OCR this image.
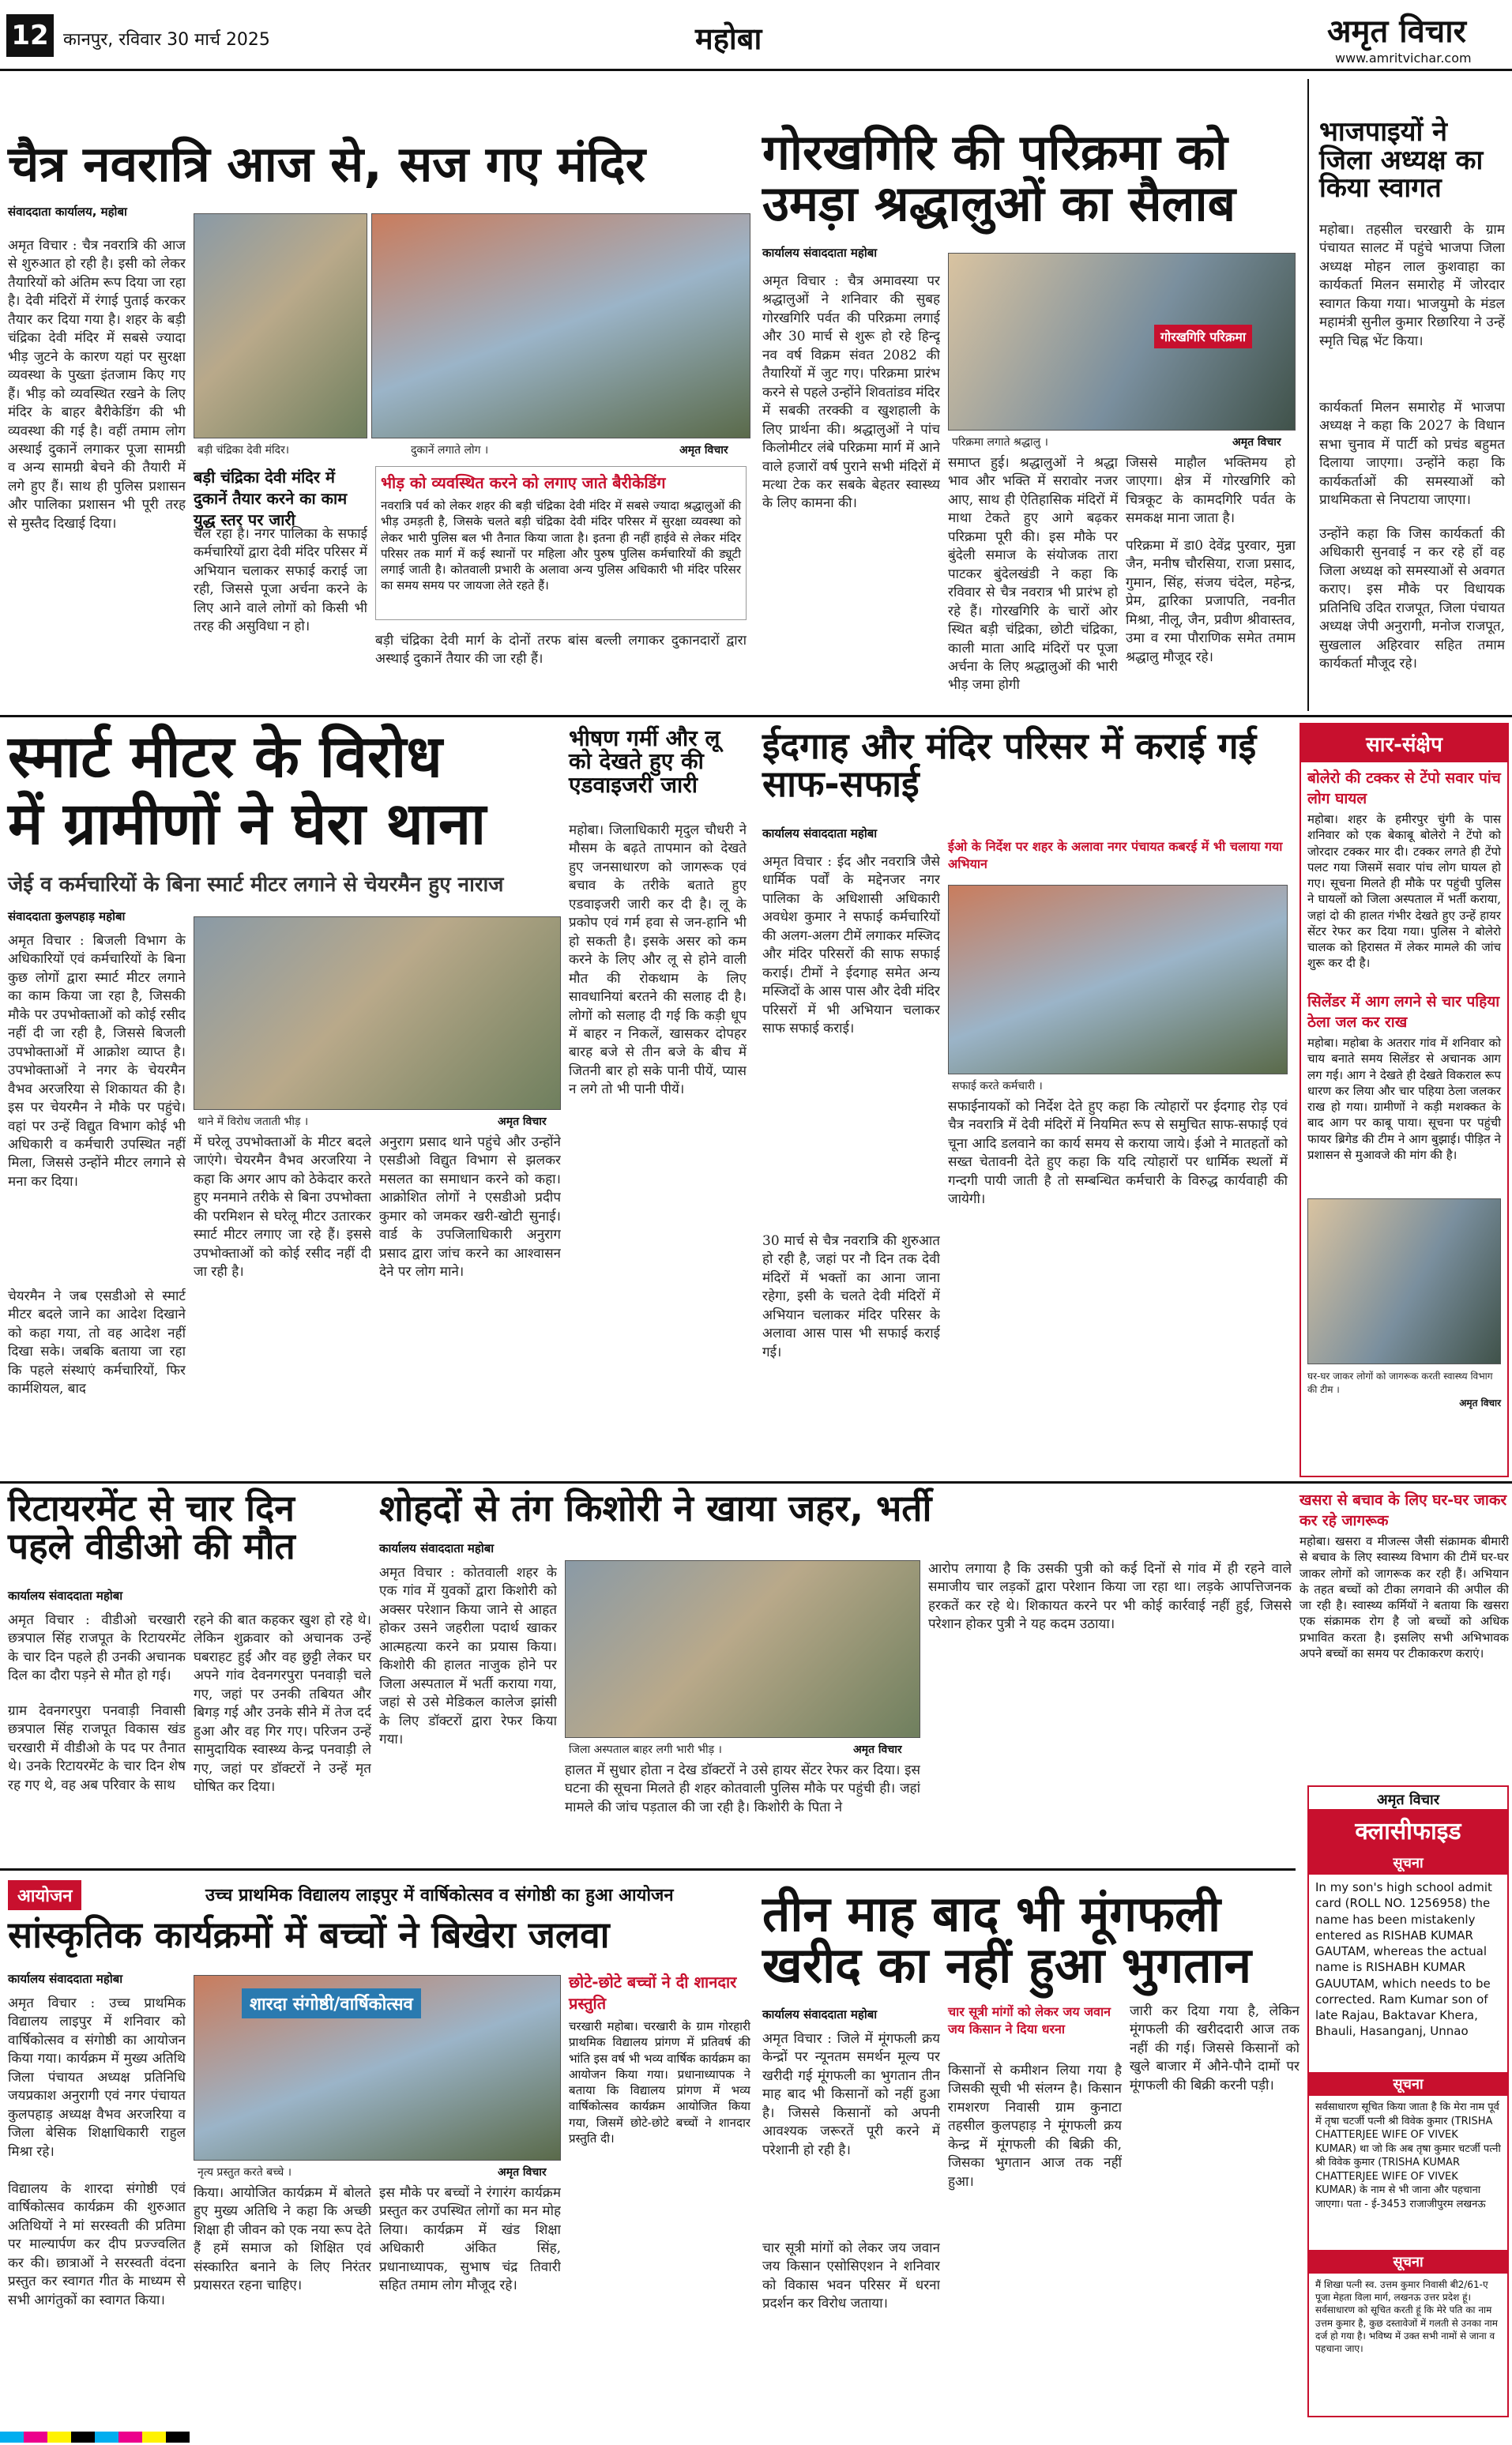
12 कानपुर, रविवार 30 मार्च 2025	महोबा	अमृत विचार
www.amritvichar.com
चैत्र नवरात्रि आज से, सज गए मंदिर
संवाददाता कार्यालय, महोबा
अमृत विचार : चैत्र नवरात्रि की आज से शुरुआत हो रही है। इसी को लेकर तैयारियों को अंतिम रूप दिया जा रहा है। देवी मंदिरों में रंगाई पुताई करकर तैयार कर दिया गया है। शहर के बड़ी चंद्रिका देवी मंदिर में सबसे ज्यादा भीड़ जुटने के कारण यहां पर सुरक्षा व्यवस्था के पुख्ता इंतजाम किए गए हैं। भीड़ को व्यवस्थित रखने के लिए मंदिर के बाहर बैरीकेडिंग की भी व्यवस्था की गई है। वहीं तमाम लोग अस्थाई दुकानें लगाकर पूजा सामग्री व अन्य सामग्री बेचने की तैयारी में लगे हुए हैं। साथ ही पुलिस प्रशासन और पालिका प्रशासन भी पूरी तरह से मुस्तैद दिखाई दिया।
बड़ी चंद्रिका देवी मंदिर।	दुकानें लगाते लोग ।	अमृत विचार
बड़ी चंद्रिका देवी मंदिर में दुकानें तैयार करने का काम युद्ध स्तर पर जारी
चल रहा है। नगर पालिका के सफाई कर्मचारियों द्वारा देवी मंदिर परिसर में अभियान चलाकर सफाई कराई जा रही, जिससे पूजा अर्चना करने के लिए आने वाले लोगों को किसी भी तरह की असुविधा न हो।
भीड़ को व्यवस्थित करने को लगाए जाते बैरीकेडिंग
नवरात्रि पर्व को लेकर शहर की बड़ी चंद्रिका देवी मंदिर में सबसे ज्यादा श्रद्धालुओं की भीड़ उमड़ती है, जिसके चलते बड़ी चंद्रिका देवी मंदिर परिसर में सुरक्षा व्यवस्था को लेकर भारी पुलिस बल भी तैनात किया जाता है। इतना ही नहीं हाईवे से लेकर मंदिर परिसर तक मार्ग में कई स्थानों पर महिला और पुरुष पुलिस कर्मचारियों की ड्यूटी लगाई जाती है। कोतवाली प्रभारी के अलावा अन्य पुलिस अधिकारी भी मंदिर परिसर का समय समय पर जायजा लेते रहते हैं।
बड़ी चंद्रिका देवी मार्ग के दोनों तरफ बांस बल्ली लगाकर दुकानदारों द्वारा अस्थाई दुकानें तैयार की जा रही हैं।
गोरखगिरि की परिक्रमा को उमड़ा श्रद्धालुओं का सैलाब
कार्यालय संवाददाता महोबा
अमृत विचार : चैत्र अमावस्या पर श्रद्धालुओं ने शनिवार की सुबह गोरखगिरि पर्वत की परिक्रमा लगाई और 30 मार्च से शुरू हो रहे हिन्दू नव वर्ष विक्रम संवत 2082 की तैयारियों में जुट गए। परिक्रमा प्रारंभ करने से पहले उन्होंने शिवतांडव मंदिर में सबकी तरक्की व खुशहाली के लिए प्रार्थना की। श्रद्धालुओं ने पांच किलोमीटर लंबे परिक्रमा मार्ग में आने वाले हजारों वर्ष पुराने सभी मंदिरों में मत्था टेक कर सबके बेहतर स्वास्थ्य के लिए कामना की।
गोरखगिरि परिक्रमा
परिक्रमा लगाते श्रद्धालु ।	अमृत विचार
समाप्त हुई। श्रद्धालुओं ने श्रद्धा भाव और भक्ति में सरावोर नजर आए, साथ ही ऐतिहासिक मंदिरों में माथा टेकते हुए आगे बढ़कर परिक्रमा पूरी की। इस मौके पर बुंदेली समाज के संयोजक तारा पाटकर बुंदेलखंडी ने कहा कि रविवार से चैत्र नवरात्र भी प्रारंभ हो रहे हैं। गोरखगिरि के चारों ओर स्थित बड़ी चंद्रिका, छोटी चंद्रिका, काली माता आदि मंदिरों पर पूजा अर्चना के लिए श्रद्धालुओं की भारी भीड़ जमा होगी
जिससे माहौल भक्तिमय हो जाएगा। क्षेत्र में गोरखगिरि को चित्रकूट के कामदगिरि पर्वत के समकक्ष माना जाता है।
परिक्रमा में डा0 देवेंद्र पुरवार, मुन्ना जैन, मनीष चौरसिया, राजा प्रसाद, गुमान, सिंह, संजय चंदेल, महेन्द्र, प्रेम, द्वारिका प्रजापति, नवनीत मिश्रा, नीलू, जैन, प्रवीण श्रीवास्तव, उमा व रमा पौराणिक समेत तमाम श्रद्धालु मौजूद रहे।
भाजपाइयों ने जिला अध्यक्ष का किया स्वागत
महोबा। तहसील चरखारी के ग्राम पंचायत सालट में पहुंचे भाजपा जिला अध्यक्ष मोहन लाल कुशवाहा का कार्यकर्ता मिलन समारोह में जोरदार स्वागत किया गया। भाजयुमो के मंडल महामंत्री सुनील कुमार रिछारिया ने उन्हें स्मृति चिह्न भेंट किया।
कार्यकर्ता मिलन समारोह में भाजपा अध्यक्ष ने कहा कि 2027 के विधान सभा चुनाव में पार्टी को प्रचंड बहुमत दिलाया जाएगा। उन्होंने कहा कि कार्यकर्ताओं की समस्याओं को प्राथमिकता से निपटाया जाएगा।
उन्होंने कहा कि जिस कार्यकर्ता की अधिकारी सुनवाई न कर रहे हों वह जिला अध्यक्ष को समस्याओं से अवगत कराए। इस मौके पर विधायक प्रतिनिधि उदित राजपूत, जिला पंचायत अध्यक्ष जेपी अनुरागी, मनोज राजपूत, सुखलाल अहिरवार सहित तमाम कार्यकर्ता मौजूद रहे।
स्मार्ट मीटर के विरोध
में ग्रामीणों ने घेरा थाना
जेई व कर्मचारियों के बिना स्मार्ट मीटर लगाने से चेयरमैन हुए नाराज
संवाददाता कुलपहाड़ महोबा
अमृत विचार : बिजली विभाग के अधिकारियों एवं कर्मचारियों के बिना कुछ लोगों द्वारा स्मार्ट मीटर लगाने का काम किया जा रहा है, जिसकी मौके पर उपभोक्ताओं को कोई रसीद नहीं दी जा रही है, जिससे बिजली उपभोक्ताओं में आक्रोश व्याप्त है। उपभोक्ताओं ने नगर के चेयरमैन वैभव अरजरिया से शिकायत की है। इस पर चेयरमैन ने मौके पर पहुंचे। वहां पर उन्हें विद्युत विभाग कोई भी अधिकारी व कर्मचारी उपस्थित नहीं मिला, जिससे उन्होंने मीटर लगाने से मना कर दिया।
चेयरमैन ने जब एसडीओ से स्मार्ट मीटर बदले जाने का आदेश दिखाने को कहा गया, तो वह आदेश नहीं दिखा सके। जबकि बताया जा रहा कि पहले संस्थाएं कर्मचारियों, फिर कार्मशियल, बाद
थाने में विरोध जताती भीड़ ।	अमृत विचार
में घरेलू उपभोक्ताओं के मीटर बदले जाएंगे। चेयरमैन वैभव अरजरिया ने कहा कि अगर आप को ठेकेदार करते हुए मनमाने तरीके से बिना उपभोक्ता की परमिशन से घरेलू मीटर उतारकर स्मार्ट मीटर लगाए जा रहे हैं। इससे उपभोक्ताओं को कोई रसीद नहीं दी जा रही है।
अनुराग प्रसाद थाने पहुंचे और उन्होंने एसडीओ विद्युत विभाग से झलकर मसलत का समाधान करने को कहा। आक्रोशित लोगों ने एसडीओ प्रदीप कुमार को जमकर खरी-खोटी सुनाई। वार्ड के उपजिलाधिकारी अनुराग प्रसाद द्वारा जांच करने का आश्वासन देने पर लोग माने।
भीषण गर्मी और लू को देखते हुए की एडवाइजरी जारी
महोबा। जिलाधिकारी मृदुल चौधरी ने मौसम के बढ़ते तापमान को देखते हुए जनसाधारण को जागरूक एवं बचाव के तरीके बताते हुए एडवाइजरी जारी कर दी है। लू के प्रकोप एवं गर्म हवा से जन-हानि भी हो सकती है। इसके असर को कम करने के लिए और लू से होने वाली मौत की रोकथाम के लिए सावधानियां बरतने की सलाह दी है। लोगों को सलाह दी गई कि कड़ी धूप में बाहर न निकलें, खासकर दोपहर बारह बजे से तीन बजे के बीच में जितनी बार हो सके पानी पीयें, प्यास न लगे तो भी पानी पीयें।
ईदगाह और मंदिर परिसर में कराई गई साफ-सफाई
कार्यालय संवाददाता महोबा
अमृत विचार : ईद और नवरात्रि जैसे धार्मिक पर्वों के मद्देनजर नगर पालिका के अधिशासी अधिकारी अवधेश कुमार ने सफाई कर्मचारियों की अलग-अलग टीमें लगाकर मस्जिद और मंदिर परिसरों की साफ सफाई कराई। टीमों ने ईदगाह समेत अन्य मस्जिदों के आस पास और देवी मंदिर परिसरों में भी अभियान चलाकर साफ सफाई कराई।
30 मार्च से चैत्र नवरात्रि की शुरुआत हो रही है, जहां पर नौ दिन तक देवी मंदिरों में भक्तों का आना जाना रहेगा, इसी के चलते देवी मंदिरों में अभियान चलाकर मंदिर परिसर के अलावा आस पास भी सफाई कराई गई।
ईओ के निर्देश पर शहर के अलावा नगर पंचायत कबरई में भी चलाया गया अभियान
सफाई करते कर्मचारी ।
सफाईनायकों को निर्देश देते हुए कहा कि त्योहारों पर ईदगाह रोड़ एवं चैत्र नवरात्रि में देवी मंदिरों में नियमित रूप से समुचित साफ-सफाई एवं चूना आदि डलवाने का कार्य समय से कराया जाये। ईओ ने मातहतों को सख्त चेतावनी देते हुए कहा कि यदि त्योहारों पर धार्मिक स्थलों में गन्दगी पायी जाती है तो सम्बन्धित कर्मचारी के विरुद्ध कार्यवाही की जायेगी।
सार-संक्षेप
बोलेरो की टक्कर से टेंपो सवार पांच लोग घायल
महोबा। शहर के हमीरपुर चुंगी के पास शनिवार को एक बेकाबू बोलेरो ने टेंपो को जोरदार टक्कर मार दी। टक्कर लगते ही टेंपो पलट गया जिसमें सवार पांच लोग घायल हो गए। सूचना मिलते ही मौके पर पहुंची पुलिस ने घायलों को जिला अस्पताल में भर्ती कराया, जहां दो की हालत गंभीर देखते हुए उन्हें हायर सेंटर रेफर कर दिया गया। पुलिस ने बोलेरो चालक को हिरासत में लेकर मामले की जांच शुरू कर दी है।
सिलेंडर में आग लगने से चार पहिया ठेला जल कर राख
महोबा। महोबा के अतरार गांव में शनिवार को चाय बनाते समय सिलेंडर से अचानक आग लग गई। आग ने देखते ही देखते विकराल रूप धारण कर लिया और चार पहिया ठेला जलकर राख हो गया। ग्रामीणों ने कड़ी मशक्कत के बाद आग पर काबू पाया। सूचना पर पहुंची फायर ब्रिगेड की टीम ने आग बुझाई। पीड़ित ने प्रशासन से मुआवजे की मांग की है।
घर-घर जाकर लोगों को जागरूक करती स्वास्थ्य विभाग की टीम ।
अमृत विचार
रिटायरमेंट से चार दिन पहले वीडीओ की मौत
कार्यालय संवाददाता महोबा
अमृत विचार : वीडीओ चरखारी छत्रपाल सिंह राजपूत के रिटायरमेंट के चार दिन पहले ही उनकी अचानक दिल का दौरा पड़ने से मौत हो गई।
ग्राम देवनगरपुरा पनवाड़ी निवासी छत्रपाल सिंह राजपूत विकास खंड चरखारी में वीडीओ के पद पर तैनात थे। उनके रिटायरमेंट के चार दिन शेष रह गए थे, वह अब परिवार के साथ
रहने की बात कहकर खुश हो रहे थे। लेकिन शुक्रवार को अचानक उन्हें घबराहट हुई और वह छुट्टी लेकर घर अपने गांव देवनगरपुरा पनवाड़ी चले गए, जहां पर उनकी तबियत और बिगड़ गई और उनके सीने में तेज दर्द हुआ और वह गिर गए। परिजन उन्हें सामुदायिक स्वास्थ्य केन्द्र पनवाड़ी ले गए, जहां पर डॉक्टरों ने उन्हें मृत घोषित कर दिया।
शोहदों से तंग किशोरी ने खाया जहर, भर्ती
कार्यालय संवाददाता महोबा
अमृत विचार : कोतवाली शहर के एक गांव में युवकों द्वारा किशोरी को अक्सर परेशान किया जाने से आहत होकर उसने जहरीला पदार्थ खाकर आत्महत्या करने का प्रयास किया। किशोरी की हालत नाजुक होने पर जिला अस्पताल में भर्ती कराया गया, जहां से उसे मेडिकल कालेज झांसी के लिए डॉक्टरों द्वारा रेफर किया गया।
जिला अस्पताल बाहर लगी भारी भीड़ ।	अमृत विचार
हालत में सुधार होता न देख डॉक्टरों ने उसे हायर सेंटर रेफर कर दिया। इस घटना की सूचना मिलते ही शहर कोतवाली पुलिस मौके पर पहुंची ही। जहां मामले की जांच पड़ताल की जा रही है। किशोरी के पिता ने
आरोप लगाया है कि उसकी पुत्री को कई दिनों से गांव में ही रहने वाले समाजीय चार लड़कों द्वारा परेशान किया जा रहा था। लड़के आपत्तिजनक हरकतें कर रहे थे। शिकायत करने पर भी कोई कार्रवाई नहीं हुई, जिससे परेशान होकर पुत्री ने यह कदम उठाया।
खसरा से बचाव के लिए घर-घर जाकर कर रहे जागरूक
महोबा। खसरा व मीजल्स जैसी संक्रामक बीमारी से बचाव के लिए स्वास्थ्य विभाग की टीमें घर-घर जाकर लोगों को जागरूक कर रही हैं। अभियान के तहत बच्चों को टीका लगवाने की अपील की जा रही है। स्वास्थ्य कर्मियों ने बताया कि खसरा एक संक्रामक रोग है जो बच्चों को अधिक प्रभावित करता है। इसलिए सभी अभिभावक अपने बच्चों का समय पर टीकाकरण कराएं।
अमृत विचार
क्लासीफाइड
सूचना
In my son's high school admit card (ROLL NO. 1256958) the name has been mistakenly entered as RISHAB KUMAR GAUTAM, whereas the actual name is RISHABH KUMAR GAUUTAM, which needs to be corrected. Ram Kumar son of late Rajau, Baktavar Khera, Bhauli, Hasanganj, Unnao
सूचना
सर्वसाधारण सूचित किया जाता है कि मेरा नाम पूर्व में तृषा चटर्जी पत्नी श्री विवेक कुमार (TRISHA CHATTERJEE WIFE OF VIVEK KUMAR) था जो कि अब तृषा कुमार चटर्जी पत्नी श्री विवेक कुमार (TRISHA KUMAR CHATTERJEE WIFE OF VIVEK KUMAR) के नाम से भी जाना और पहचाना जाएगा। पता - ई-3453 राजाजीपुरम लखनऊ
सूचना
मैं शिखा पत्नी स्व. उत्तम कुमार निवासी बी2/61-ए पूजा मेहता विला मार्ग, लखनऊ उत्तर प्रदेश हूं। सर्वसाधारण को सूचित करती हूं कि मेरे पति का नाम उत्तम कुमार है, कुछ दस्तावेजों में गलती से उनका नाम दर्ज हो गया है। भविष्य में उक्त सभी नामों से जाना व पहचाना जाए।
आयोजन	उच्च प्राथमिक विद्यालय लाइपुर में वार्षिकोत्सव व संगोष्ठी का हुआ आयोजन
सांस्कृतिक कार्यक्रमों में बच्चों ने बिखेरा जलवा
कार्यालय संवाददाता महोबा
अमृत विचार : उच्च प्राथमिक विद्यालय लाइपुर में शनिवार को वार्षिकोत्सव व संगोष्ठी का आयोजन किया गया। कार्यक्रम में मुख्य अतिथि जिला पंचायत अध्यक्ष प्रतिनिधि जयप्रकाश अनुरागी एवं नगर पंचायत कुलपहाड़ अध्यक्ष वैभव अरजरिया व जिला बेसिक शिक्षाधिकारी राहुल मिश्रा रहे।
विद्यालय के शारदा संगोष्ठी एवं वार्षिकोत्सव कार्यक्रम की शुरुआत अतिथियों ने मां सरस्वती की प्रतिमा पर माल्यार्पण कर दीप प्रज्ज्वलित कर की। छात्राओं ने सरस्वती वंदना प्रस्तुत कर स्वागत गीत के माध्यम से सभी आगंतुकों का स्वागत किया।
शारदा संगोष्ठी/वार्षिकोत्सव
नृत्य प्रस्तुत करते बच्चे ।	अमृत विचार
किया। आयोजित कार्यक्रम में बोलते हुए मुख्य अतिथि ने कहा कि अच्छी शिक्षा ही जीवन को एक नया रूप देते हैं हमें समाज को शिक्षित एवं संस्कारित बनाने के लिए निरंतर प्रयासरत रहना चाहिए।
इस मौके पर बच्चों ने रंगारंग कार्यक्रम प्रस्तुत कर उपस्थित लोगों का मन मोह लिया। कार्यक्रम में खंड शिक्षा अधिकारी अंकित सिंह, प्रधानाध्यापक, सुभाष चंद्र तिवारी सहित तमाम लोग मौजूद रहे।
छोटे-छोटे बच्चों ने दी शानदार प्रस्तुति
चरखारी महोबा। चरखारी के ग्राम गोरहारी प्राथमिक विद्यालय प्रांगण में प्रतिवर्ष की भांति इस वर्ष भी भव्य वार्षिक कार्यक्रम का आयोजन किया गया। प्रधानाध्यापक ने बताया कि विद्यालय प्रांगण में भव्य वार्षिकोत्सव कार्यक्रम आयोजित किया गया, जिसमें छोटे-छोटे बच्चों ने शानदार प्रस्तुति दी।
तीन माह बाद भी मूंगफली खरीद का नहीं हुआ भुगतान
कार्यालय संवाददाता महोबा	चार सूत्री मांगों को लेकर जय जवान जय किसान ने दिया धरना
अमृत विचार : जिले में मूंगफली क्रय केन्द्रों पर न्यूनतम समर्थन मूल्य पर खरीदी गई मूंगफली का भुगतान तीन माह बाद भी किसानों को नहीं हुआ है। जिससे किसानों को अपनी आवश्यक जरूरतें पूरी करने में परेशानी हो रही है।
चार सूत्री मांगों को लेकर जय जवान जय किसान एसोसिएशन ने शनिवार को विकास भवन परिसर में धरना प्रदर्शन कर विरोध जताया।
किसानों से कमीशन लिया गया है जिसकी सूची भी संलग्न है। किसान रामशरण निवासी ग्राम कुनाटा तहसील कुलपहाड़ ने मूंगफली क्रय केन्द्र में मूंगफली की बिक्री की, जिसका भुगतान आज तक नहीं हुआ।
जारी कर दिया गया है, लेकिन मूंगफली की खरीददारी आज तक नहीं की गई। जिससे किसानों को खुले बाजार में औने-पौने दामों पर मूंगफली की बिक्री करनी पड़ी।
